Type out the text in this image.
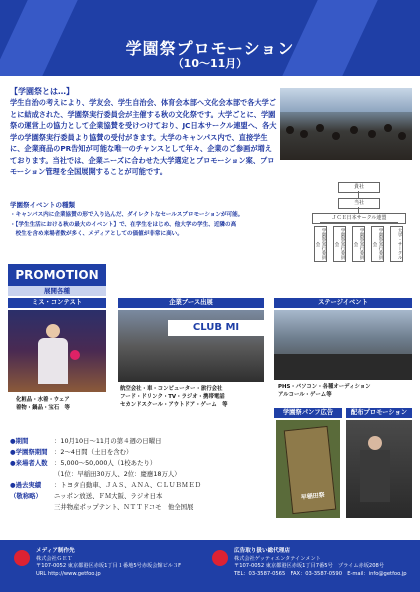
学園祭プロモーション
（10〜11月）
【学園祭とは…】
学生自治の考えにより、学友会、学生自治会、体育会本部へ文化会本部で各大学ごとに結成された、学園祭実行委員会が主催する秋の文化祭です。大学ごとに、学園祭の運営上の協力として企業協賛を受けつけており、JC日本サークル連盟へ、各大学の学園祭実行委員より協賛の受付がきます。大学のキャンパス内で、直接学生に、企業商品のPR告知が可能な唯一のチャンスとして年々、企業のご参画が増えております。当社では、企業ニーズに合わせた大学選定とプロモーション案、プロモーション管理を全国展開することが可能です。
学園祭イベントの種類
・キャンパス内に企業協賛の形で入り込んだ、ダイレクトなセールスプロモーションが可能。
・【学生生活における秋の最大のイベント】で、在学生をはじめ、他大学の学生、近隣の高
　校生を含め来場者数が多く、メディアとしての価値が非常に高い。
貴社
当社
ＪＣＥ日本サークル連盟
学園祭実行委員会	学園祭実行委員会	学園祭実行委員会	学園祭実行委員会	大学・サークル
PROMOTION
展開各種
ミス・コンテスト	企業ブース出展	ステージイベント
CLUB MI
化粧品・水着・ウェア
着物・鍋品・宝石　等
航空会社・車・コンピューター・旅行会社
フード・ドリンク・TV・ラジオ・携帯電話
セカンドスクール・アウトドア・ゲーム　等
PHS・パソコン・各種オーディション
アルコール・ゲーム等
学園祭パンフ広告	配布プロモーション
早稲田祭
●期間	：10月10日〜11月の第４週の日曜日
●学園祭期間	：2〜4日間（土日を含む）
●来場者人数	：5,000〜50,000人（1校あたり）
（1位：早稲田30万人、2位：慶應18万人）
●過去実績	：トヨタ自動車、ＪＡＳ、ＡＮＡ、ＣＬＵＢＭＥＤ
（敬称略）	ニッポン放送、ＦＭ大阪、ラジオ日本
三井物産ポップテント、ＮＴＴドコモ　他全国展
メディア制作先
株式会社ＧＥＴ
〒107-0052 東京都港区赤坂1丁目１番地5号赤坂会館ビル３F
URL http://www.getfoo.jp
広告取り扱い総代理店
株式会社ゲッティエンタテインメント
〒107-0052 東京都港区赤坂1丁目7番5号　プライム赤坂208号
TEL：03-3587-0565　FAX：03-3587-0590　E-mail：info@getfoo.jp
